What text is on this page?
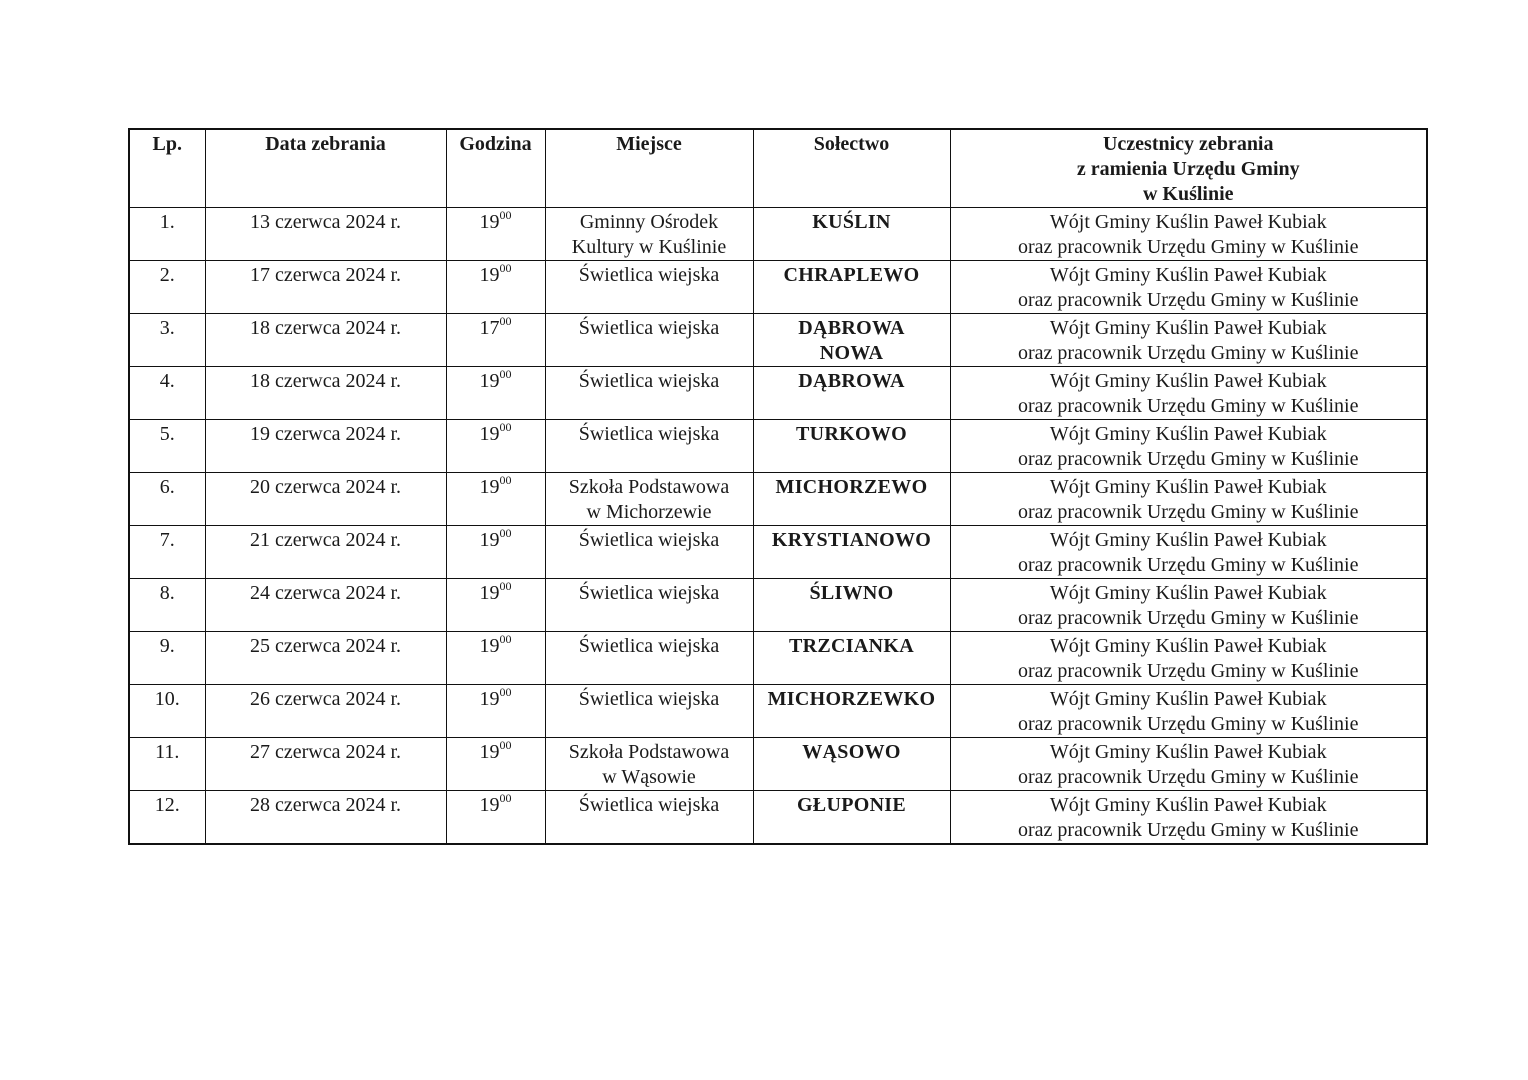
Lp.	Data zebrania	Godzina	Miejsce	Sołectwo	Uczestnicy zebrania
z ramienia Urzędu Gminy
w Kuślinie

1.	13 czerwca 2024 r.	$19^{00}$	Gminny Ośrodek
Kultury w Kuślinie	KUŚLIN	Wójt Gminy Kuślin Paweł Kubiak
oraz pracownik Urzędu Gminy w Kuślinie

2.	17 czerwca 2024 r.	$19^{00}$	Świetlica wiejska	CHRAPLEWO	Wójt Gminy Kuślin Paweł Kubiak
oraz pracownik Urzędu Gminy w Kuślinie

3.	18 czerwca 2024 r.	$17^{00}$	Świetlica wiejska	DĄBROWA
NOWA	Wójt Gminy Kuślin Paweł Kubiak
oraz pracownik Urzędu Gminy w Kuślinie

4.	18 czerwca 2024 r.	$19^{00}$	Świetlica wiejska	DĄBROWA	Wójt Gminy Kuślin Paweł Kubiak
oraz pracownik Urzędu Gminy w Kuślinie

5.	19 czerwca 2024 r.	$19^{00}$	Świetlica wiejska	TURKOWO	Wójt Gminy Kuślin Paweł Kubiak
oraz pracownik Urzędu Gminy w Kuślinie

6.	20 czerwca 2024 r.	$19^{00}$	Szkoła Podstawowa
w Michorzewie	MICHORZEWO	Wójt Gminy Kuślin Paweł Kubiak
oraz pracownik Urzędu Gminy w Kuślinie

7.	21 czerwca 2024 r.	$19^{00}$	Świetlica wiejska	KRYSTIANOWO	Wójt Gminy Kuślin Paweł Kubiak
oraz pracownik Urzędu Gminy w Kuślinie

8.	24 czerwca 2024 r.	$19^{00}$	Świetlica wiejska	ŚLIWNO	Wójt Gminy Kuślin Paweł Kubiak
oraz pracownik Urzędu Gminy w Kuślinie

9.	25 czerwca 2024 r.	$19^{00}$	Świetlica wiejska	TRZCIANKA	Wójt Gminy Kuślin Paweł Kubiak
oraz pracownik Urzędu Gminy w Kuślinie

10.	26 czerwca 2024 r.	$19^{00}$	Świetlica wiejska	MICHORZEWKO	Wójt Gminy Kuślin Paweł Kubiak
oraz pracownik Urzędu Gminy w Kuślinie

11.	27 czerwca 2024 r.	$19^{00}$	Szkoła Podstawowa
w Wąsowie	WĄSOWO	Wójt Gminy Kuślin Paweł Kubiak
oraz pracownik Urzędu Gminy w Kuślinie

12.	28 czerwca 2024 r.	$19^{00}$	Świetlica wiejska	GŁUPONIE	Wójt Gminy Kuślin Paweł Kubiak
oraz pracownik Urzędu Gminy w Kuślinie
